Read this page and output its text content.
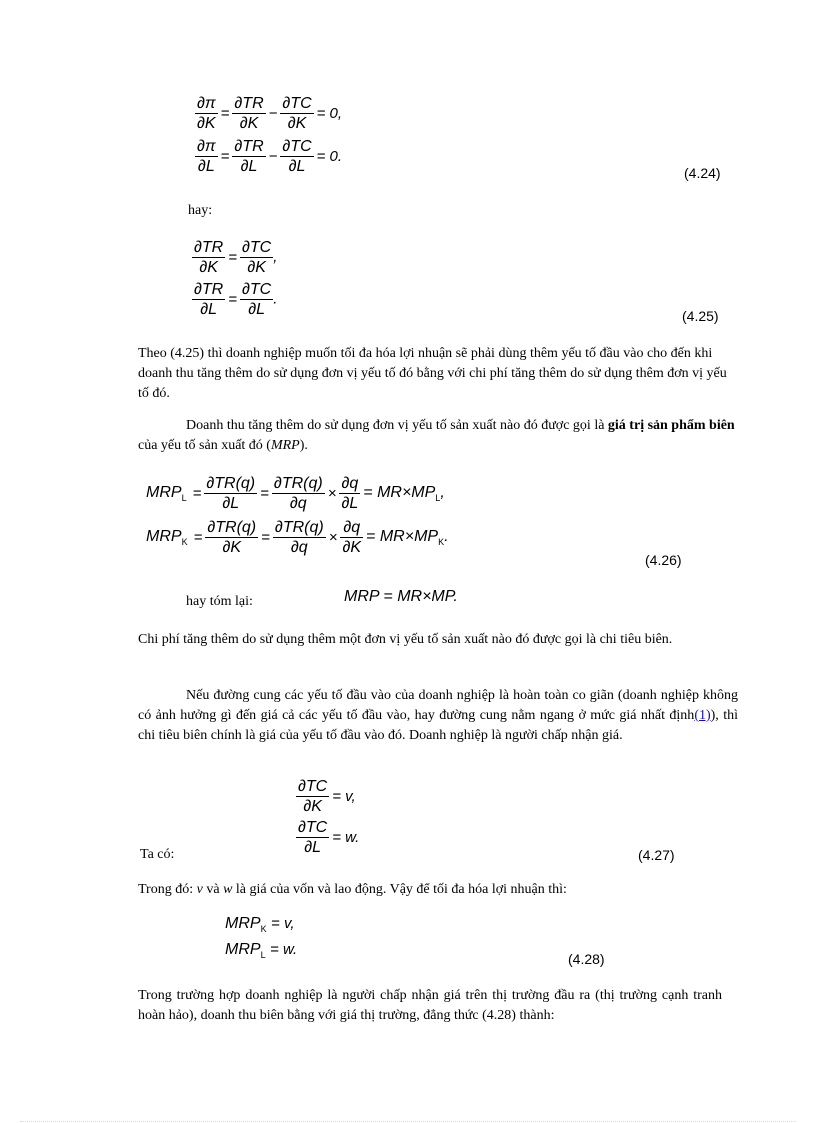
$\frac{\partial\pi}{\partial K} = \frac{\partial TR}{\partial K} - \frac{\partial TC}{\partial K} = 0$,
$\frac{\partial\pi}{\partial L} = \frac{\partial TR}{\partial L} - \frac{\partial TC}{\partial L} = 0$.
(4.24)
hay:
$\frac{\partial TR}{\partial K} = \frac{\partial TC}{\partial K}$ ,
$\frac{\partial TR}{\partial L} = \frac{\partial TC}{\partial L}$ .
(4.25)
Theo (4.25) thì doanh nghiệp muốn tối đa hóa lợi nhuận sẽ phải dùng thêm yếu tố đầu vào cho đến khi doanh thu tăng thêm do sử dụng đơn vị yếu tố đó bằng với chi phí tăng thêm do sử dụng thêm đơn vị yếu tố đó.
Doanh thu tăng thêm do sử dụng đơn vị yếu tố sản xuất nào đó được gọi là giá trị sản phẩm biên của yếu tố sản xuất đó (MRP).
$MRP_L = \frac{\partial TR(q)}{\partial L} = \frac{\partial TR(q)}{\partial q} \times \frac{\partial q}{\partial L} = MR\times MP_L$,
$MRP_K = \frac{\partial TR(q)}{\partial K} = \frac{\partial TR(q)}{\partial q} \times \frac{\partial q}{\partial K} = MR\times MP_K$.
(4.26)
hay tóm lại:	MRP = MR×MP.
Chi phí tăng thêm do sử dụng thêm một đơn vị yếu tố sản xuất nào đó được gọi là chi tiêu biên.
Nếu đường cung các yếu tố đầu vào của doanh nghiệp là hoàn toàn co giãn (doanh nghiệp không có ảnh hưởng gì đến giá cả các yếu tố đầu vào, hay đường cung nằm ngang ở mức giá nhất định(1)), thì chi tiêu biên chính là giá của yếu tố đầu vào đó. Doanh nghiệp là người chấp nhận giá.
$\frac{\partial TC}{\partial K} = v$,
$\frac{\partial TC}{\partial L} = w$.
Ta có:	(4.27)
Trong đó: v và w là giá của vốn và lao động. Vậy để tối đa hóa lợi nhuận thì:
$MRP_K = v$,
$MRP_L = w$.
(4.28)
Trong trường hợp doanh nghiệp là người chấp nhận giá trên thị trường đầu ra (thị trường cạnh tranh hoàn hảo), doanh thu biên bằng với giá thị trường, đẳng thức (4.28) thành:
